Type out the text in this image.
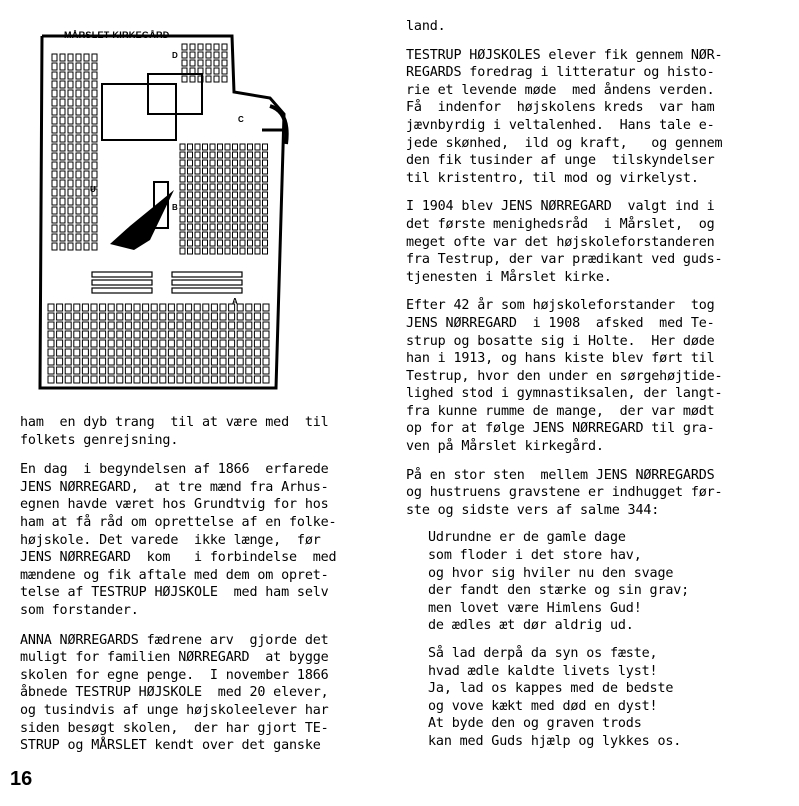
D
C
U
B
A
MÅRSLET KIRKEGÅRD

ham  en dyb trang  til at være med  til
folkets genrejsning.

En dag  i begyndelsen af 1866  erfarede
JENS NØRREGARD,  at tre mænd fra Arhus-
egnen havde været hos Grundtvig for hos
ham at få råd om oprettelse af en folke-
højskole. Det varede  ikke længe,  før
JENS NØRREGARD  kom   i forbindelse  med
mændene og fik aftale med dem om opret-
telse af TESTRUP HØJSKOLE  med ham selv
som forstander.

ANNA NØRREGARDS fædrene arv  gjorde det
muligt for familien NØRREGARD  at bygge
skolen for egne penge.  I november 1866
åbnede TESTRUP HØJSKOLE  med 20 elever,
og tusindvis af unge højskoleelever har
siden besøgt skolen,  der har gjort TE-
STRUP og MÅRSLET kendt over det ganske

land.

TESTRUP HØJSKOLES elever fik gennem NØR-
REGARDS foredrag i litteratur og histo-
rie et levende møde  med åndens verden.
Få  indenfor  højskolens kreds  var ham
jævnbyrdig i veltalenhed.  Hans tale e-
jede skønhed,  ild og kraft,   og gennem
den fik tusinder af unge  tilskyndelser
til kristentro, til mod og virkelyst.

I 1904 blev JENS NØRREGARD  valgt ind i
det første menighedsråd  i Mårslet,  og
meget ofte var det højskoleforstanderen
fra Testrup, der var prædikant ved guds-
tjenesten i Mårslet kirke.

Efter 42 år som højskoleforstander  tog
JENS NØRREGARD  i 1908  afsked  med Te-
strup og bosatte sig i Holte.  Her døde
han i 1913, og hans kiste blev ført til
Testrup, hvor den under en sørgehøjtide-
lighed stod i gymnastiksalen, der langt-
fra kunne rumme de mange,  der var mødt
op for at følge JENS NØRREGARD til gra-
ven på Mårslet kirkegård.

På en stor sten  mellem JENS NØRREGARDS
og hustruens gravstene er indhugget før-
ste og sidste vers af salme 344:

Udrundne er de gamle dage
som floder i det store hav,
og hvor sig hviler nu den svage
der fandt den stærke og sin grav;
men lovet være Himlens Gud!
de ædles æt dør aldrig ud.

Så lad derpå da syn os fæste,
hvad ædle kaldte livets lyst!
Ja, lad os kappes med de bedste
og vove kækt med død en dyst!
At byde den og graven trods
kan med Guds hjælp og lykkes os.

16
